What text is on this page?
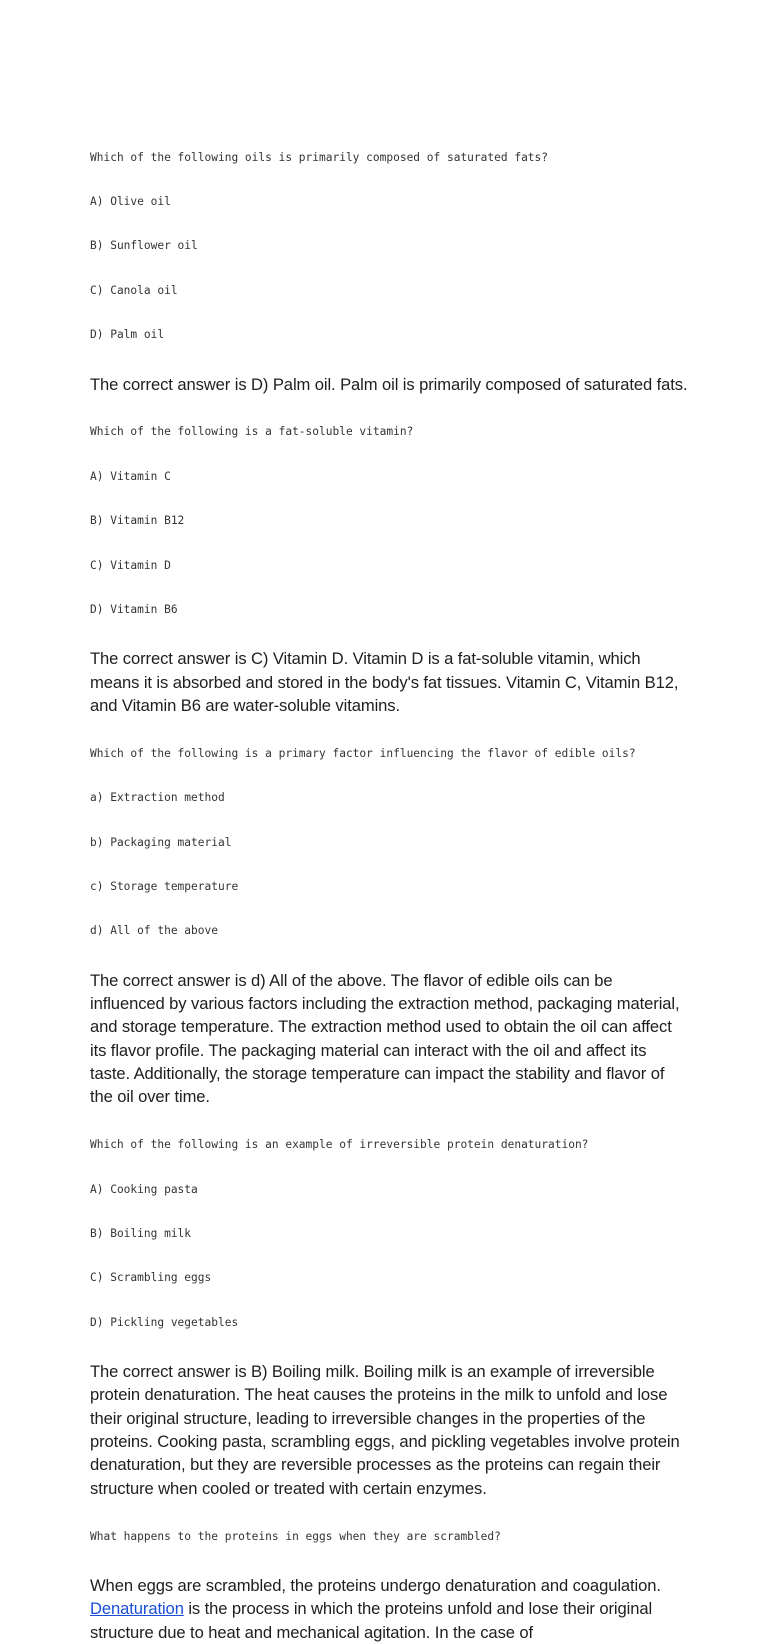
Which of the following oils is primarily composed of saturated fats?

A) Olive oil

B) Sunflower oil

C) Canola oil

D) Palm oil

The correct answer is D) Palm oil. Palm oil is primarily composed of saturated fats.

Which of the following is a fat-soluble vitamin?

A) Vitamin C

B) Vitamin B12

C) Vitamin D

D) Vitamin B6

The correct answer is C) Vitamin D. Vitamin D is a fat-soluble vitamin, which means it is absorbed and stored in the body's fat tissues. Vitamin C, Vitamin B12, and Vitamin B6 are water-soluble vitamins.

Which of the following is a primary factor influencing the flavor of edible oils?

a) Extraction method

b) Packaging material

c) Storage temperature

d) All of the above

The correct answer is d) All of the above. The flavor of edible oils can be influenced by various factors including the extraction method, packaging material, and storage temperature. The extraction method used to obtain the oil can affect its flavor profile. The packaging material can interact with the oil and affect its taste. Additionally, the storage temperature can impact the stability and flavor of the oil over time.

Which of the following is an example of irreversible protein denaturation?

A) Cooking pasta

B) Boiling milk

C) Scrambling eggs

D) Pickling vegetables

The correct answer is B) Boiling milk. Boiling milk is an example of irreversible protein denaturation. The heat causes the proteins in the milk to unfold and lose their original structure, leading to irreversible changes in the properties of the proteins. Cooking pasta, scrambling eggs, and pickling vegetables involve protein denaturation, but they are reversible processes as the proteins can regain their structure when cooled or treated with certain enzymes.

What happens to the proteins in eggs when they are scrambled?

When eggs are scrambled, the proteins undergo denaturation and coagulation. Denaturation is the process in which the proteins unfold and lose their original structure due to heat and mechanical agitation. In the case of
